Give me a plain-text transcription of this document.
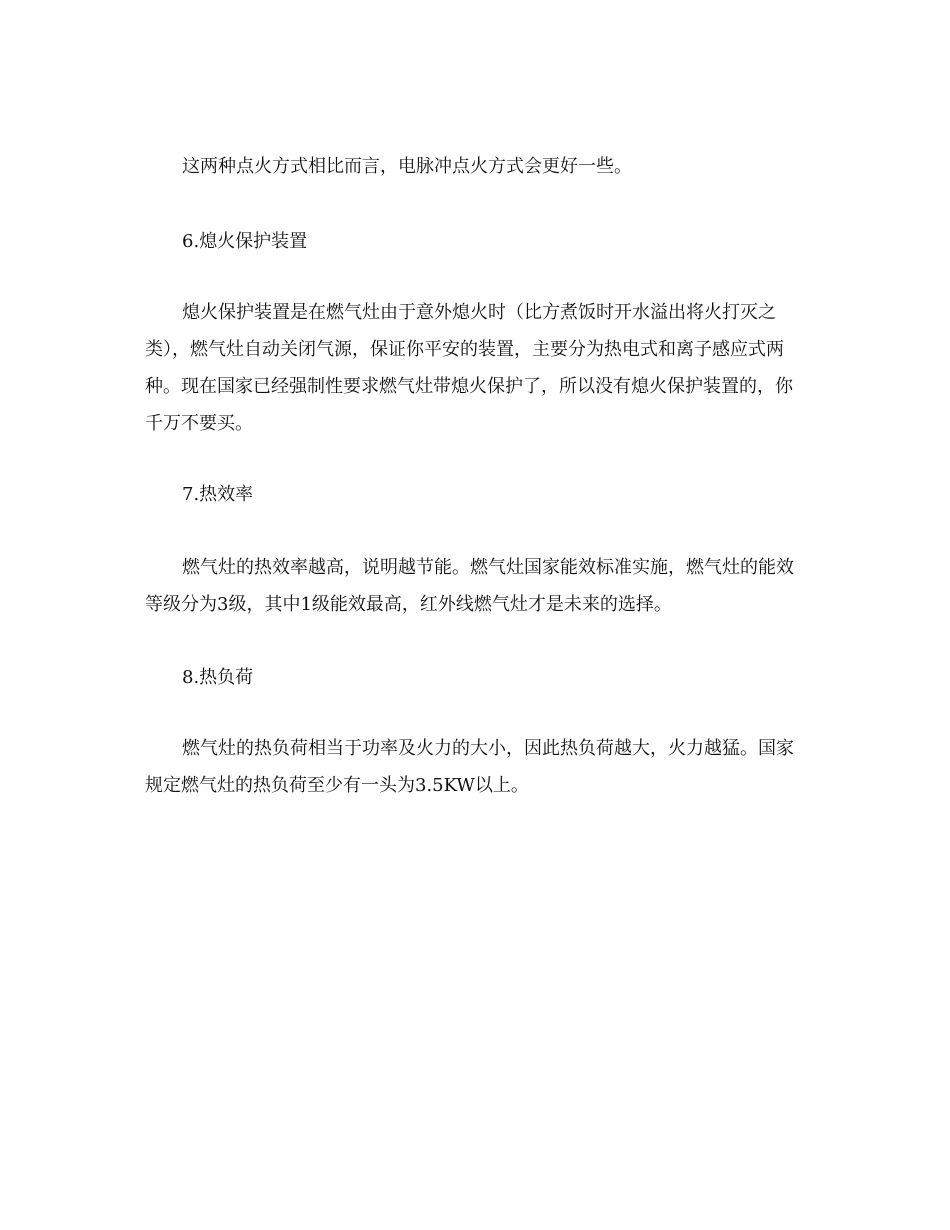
这两种点火方式相比而言，电脉冲点火方式会更好一些。

6.熄火保护装置

熄火保护装置是在燃气灶由于意外熄火时（比方煮饭时开水溢出将火打灭之类），燃气灶自动关闭气源，保证你平安的装置，主要分为热电式和离子感应式两种。现在国家已经强制性要求燃气灶带熄火保护了，所以没有熄火保护装置的，你千万不要买。

7.热效率

燃气灶的热效率越高，说明越节能。燃气灶国家能效标准实施，燃气灶的能效等级分为3级，其中1级能效最高，红外线燃气灶才是未来的选择。

8.热负荷

燃气灶的热负荷相当于功率及火力的大小，因此热负荷越大，火力越猛。国家规定燃气灶的热负荷至少有一头为3.5KW以上。
